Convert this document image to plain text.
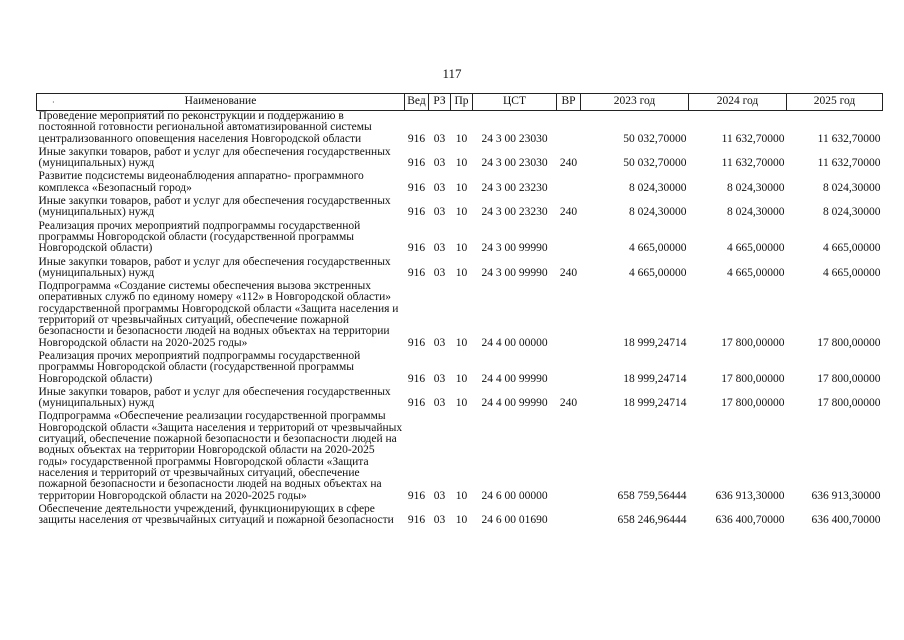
117
·	Наименование	Вед	РЗ	Пр	ЦСТ	ВР	2023 год	2024 год	2025 год
Проведение мероприятий по реконструкции и поддержанию в постоянной готовности региональной автоматизированной системы централизованного оповещения населения Новгородской области	916	03	10	24 3 00 23030		50 032,70000	11 632,70000	11 632,70000
Иные закупки товаров, работ и услуг для обеспечения государственных (муниципальных) нужд	916	03	10	24 3 00 23030	240	50 032,70000	11 632,70000	11 632,70000
Развитие подсистемы видеонаблюдения аппаратно- программного комплекса «Безопасный город»	916	03	10	24 3 00 23230		8 024,30000	8 024,30000	8 024,30000
Иные закупки товаров, работ и услуг для обеспечения государственных (муниципальных) нужд	916	03	10	24 3 00 23230	240	8 024,30000	8 024,30000	8 024,30000
Реализация прочих мероприятий подпрограммы государственной программы Новгородской области (государственной программы Новгородской области)	916	03	10	24 3 00 99990		4 665,00000	4 665,00000	4 665,00000
Иные закупки товаров, работ и услуг для обеспечения государственных (муниципальных) нужд	916	03	10	24 3 00 99990	240	4 665,00000	4 665,00000	4 665,00000
Подпрограмма «Создание системы обеспечения вызова экстренных оперативных служб по единому номеру «112» в Новгородской области» государственной программы Новгородской области «Защита населения и территорий от чрезвычайных ситуаций, обеспечение пожарной безопасности и безопасности людей на водных объектах на территории Новгородской области на 2020-2025 годы»	916	03	10	24 4 00 00000		18 999,24714	17 800,00000	17 800,00000
Реализация прочих мероприятий подпрограммы государственной программы Новгородской области (государственной программы Новгородской области)	916	03	10	24 4 00 99990		18 999,24714	17 800,00000	17 800,00000
Иные закупки товаров, работ и услуг для обеспечения государственных (муниципальных) нужд	916	03	10	24 4 00 99990	240	18 999,24714	17 800,00000	17 800,00000
Подпрограмма «Обеспечение реализации государственной программы Новгородской области «Защита населения и территорий от чрезвычайных ситуаций, обеспечение пожарной безопасности и безопасности людей на водных объектах на территории Новгородской области на 2020-2025 годы» государственной программы Новгородской области «Защита населения и территорий от чрезвычайных ситуаций, обеспечение пожарной безопасности и безопасности людей на водных объектах на территории Новгородской области на 2020-2025 годы»	916	03	10	24 6 00 00000		658 759,56444	636 913,30000	636 913,30000
Обеспечение деятельности учреждений, функционирующих в сфере защиты населения от чрезвычайных ситуаций и пожарной безопасности	916	03	10	24 6 00 01690		658 246,96444	636 400,70000	636 400,70000
